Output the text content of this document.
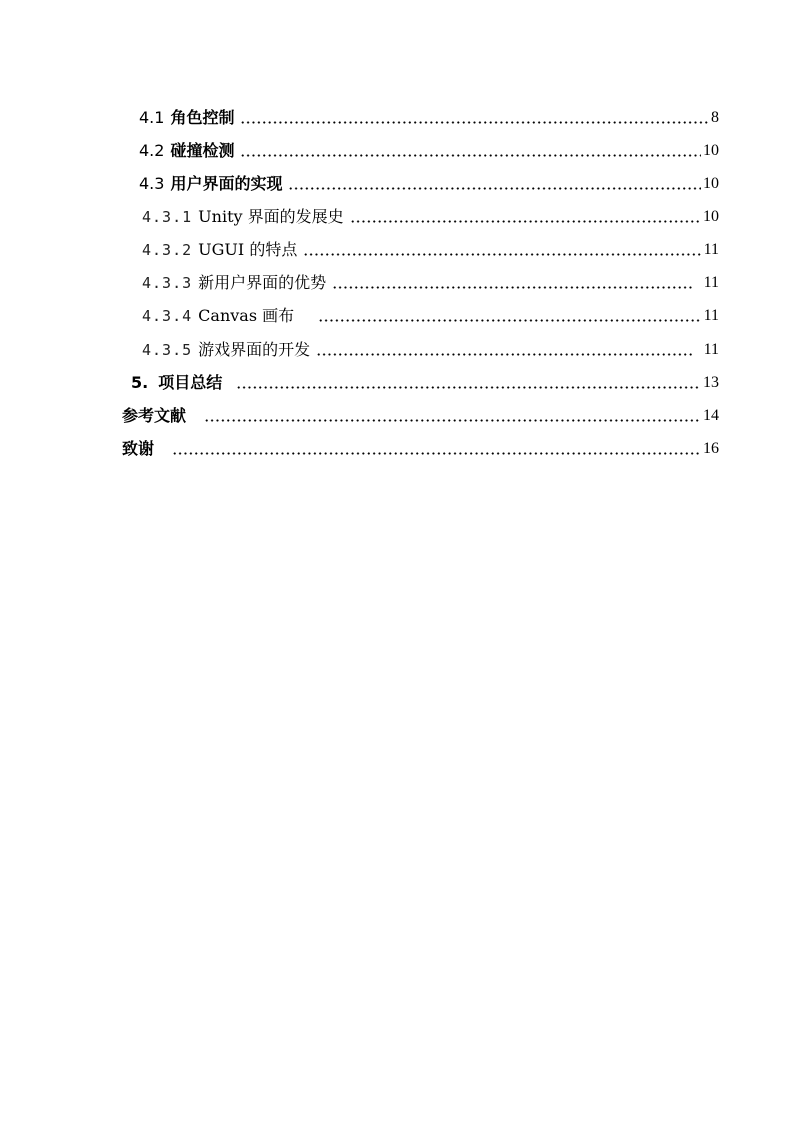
4.1 角色控制	8
4.2 碰撞检测	10
4.3 用户界面的实现	10
4.3.1 Unity 界面的发展史	10
4.3.2 UGUI 的特点	11
4.3.3 新用户界面的优势	11
4.3.4 Canvas 画布	11
4.3.5 游戏界面的开发	11
5. 项目总结	13
参考文献	14
致谢	16
